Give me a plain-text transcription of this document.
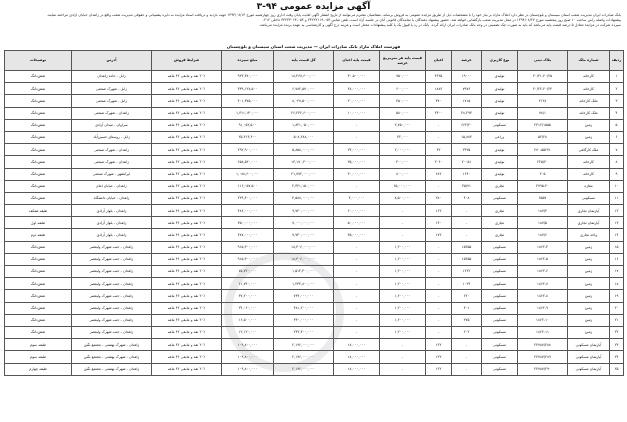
آگهی مزایده عمومی ۹۴-۳

بانک صادرات ایران مدیریت شعب استان سیستان و بلوچستان در نظر دارد املاک مازاد بر نیاز خود را با مشخصات ذیل از طریق مزایده عمومی به فروش برساند. متقاضیان محترم می‌توانند از تاریخ انتشار آگهی لغایت پایان وقت اداری روز چهارشنبه مورخ ۱۳۹۴/۰۸/۱۳ جهت بازدید و دریافت اسناد مزایده به دایره پشتیبانی و حقوقی مدیریت شعب واقع در زاهدان خیابان آزادی مراجعه نمایند.

پیشنهادات واصله راس ساعت ۱۰ صبح روز پنجشنبه مورخ ۱۳۹۴/۰۸/۲۷ در محل مدیریت شعب بازگشایی خواهد شد. حضور پیشنهاد دهندگان یا نمایندگان قانونی آنان در جلسه آزاد است. تلفن تماس ۰۵۴-۳۳۲۲۲۱۱۹ و ۰۵۴-۳۳۲۳۳۰۶۳ داخلی ۲۱۲.

سپرده شرکت در مزایده معادل ۵ درصد قیمت پایه می‌باشد که باید به صورت چک تضمینی در وجه بانک صادرات ایران ارائه گردد. بانک در رد یا قبول یک یا کلیه پیشنهادات مختار است و هزینه درج آگهی و کارشناسی به عهده برنده مزایده می‌باشد.

فهرست املاک مازاد بانک صادرات ایران — مدیریت شعب استان سیستان و بلوچستان
ردیف	شماره ملک	پلاک ثبتی	نوع کاربری	عرصه	اعیان	قیمت پایه هر مترمربع عرصه	قیمت پایه اعیان	کل قیمت پایه	مبلغ سپرده	شرایط فروش	آدرس	توضیحات
۱	کارخانه	۲۰/۲۱-۲۰/۲۵	تولیدی	۱۹۰۰۰	۴۶۲۵	۷۵۰,۰۰۰	۳۰,۵۰۰,۰۰۰	۱۸,۴۶۷,۶۰۰,۰۰۰	۹۲۳,۳۸۰,۰۰۰	۲۰٪ نقد و مابقی ۳۶ ماهه	زابل - جاده زاهدان	شش‌دانگ
۲	کارخانه	۲۰/۲۲-۲۰/۲۴	تولیدی	۷۹۷۶	۱۸۸۲	۶۰۰,۰۰۰	۲۸,۰۰۰,۰۰۰	۶,۷۸۲,۵۷۰,۰۰۰	۳۳۹,۱۲۸,۵۰۰	۲۰٪ نقد و مابقی ۳۶ ماهه	زابل - شهرک صنعتی	شش‌دانگ
۳	ملک کارخانه	۲۱۲۸	تولیدی	۱۷۱۵	۳۷۰	۲۵۰,۰۰۰	۲۰,۰۰۰,۰۰۰	۸,۰۲۷,۵۰۰,۰۰۰	۴۰۱,۳۷۵,۰۰۰	۲۰٪ نقد و مابقی ۳۶ ماهه	زابل - شهرک صنعتی	شش‌دانگ
۴	ملک کارخانه	۷۸/۱	تولیدی	۲۸,۲۹۳	۲۳۰۰	۵۸۰,۰۰۰	۱۰,۰۰۰,۰۰۰	۲۶,۲۲۲,۶۰۰,۰۰۰	۱,۳۱۱,۱۳۰,۰۰۰	۲۰٪ نقد و مابقی ۳۶ ماهه	زاهدان - شهرک صنعتی	شش‌دانگ
۵	زمین	۲۴۱۲/۱۵۵۵	مسکونی	۶۶۲/۲۰	-	۲,۷۵۰,۰۰۰	-	۱,۸۲۱,۰۵۰,۰۰۰	۹۱,۰۵۲,۵۰۰	۲۰٪ نقد و مابقی ۳۶ ماهه	سراوان - میدان آزادی	شش‌دانگ
۶	زمین	۵۲/۲۸	زراعی	۱۵,۸۸۴	-	۳۲,۰۰۰	-	۵۰۸,۲۸۸,۰۰۰	۲۵,۴۱۴,۴۰۰	۲۰٪ نقد و مابقی ۳۶ ماهه	زابل - روستای حسین‌آباد	شش‌دانگ
۷	ملک کارگاهی	۲۷۰-۵۵۲۷۱	تولیدی	۲۴۲۵	۴۲	۲,۰۰۰,۰۰۰	۲۴,۰۰۰,۰۰۰	۵,۸۵۸,۰۰۰,۰۰۰	۲۹۲,۹۰۰,۰۰۰	۲۰٪ نقد و مابقی ۳۶ ماهه	زاهدان - شهرک صنعتی	شش‌دانگ
۸	کارخانه	۲۲۵/۲۰	تولیدی	۲۰۰۵۱	۲۰۶۰	۴۰۰,۰۰۰	۲۵,۰۰۰,۰۰۰	۱۳,۱۷۰,۴۰۰,۰۰۰	۶۵۸,۵۲۰,۰۰۰	۲۰٪ نقد و مابقی ۳۶ ماهه	زاهدان - شهرک صنعتی	شش‌دانگ
۹	کارخانه	۲۰۵	تولیدی	۱۶۴۰	۶۸۲	۸۰۰,۰۰۰	۳۰,۰۰۰,۰۰۰	۲۱,۷۷۲,۰۰۰,۰۰۰	۱,۰۸۸,۶۰۰,۰۰۰	۲۰٪ نقد و مابقی ۳۶ ماهه	ایرانشهر - شهرک صنعتی	شش‌دانگ
۱۰	مغازه	۲۷۹۵-۲۰	تجاری	۳۵/۷۱	-	۶۵,۰۰۰,۰۰۰	-	۲,۳۲۱,۱۵۰,۰۰۰	۱۱۶,۰۵۷,۵۰۰	۲۰٪ نقد و مابقی ۳۶ ماهه	زاهدان - خیابان امام	شش‌دانگ
۱۱	مسکونی	۶۵۵۷	مسکونی	۴۰۸	۲۸۰	۸,۵۰۰,۰۰۰	۴,۰۰۰,۰۰۰	۴,۵۸۸,۰۰۰,۰۰۰	۲۲۹,۴۰۰,۰۰۰	۲۰٪ نقد و مابقی ۳۶ ماهه	زاهدان - خیابان دانشگاه	شش‌دانگ
۱۲	آپارتمان تجاری	۱۸۷/۴	تجاری	-	۱۶۲	-	۶۰,۰۰۰,۰۰۰	۹,۷۲۰,۰۰۰,۰۰۰	۴۸۶,۰۰۰,۰۰۰	۲۰٪ نقد و مابقی ۳۶ ماهه	زاهدان - بلوار آزادی	طبقه همکف
۱۳	آپارتمان تجاری	۱۸۷/۵	تجاری	-	۱۴۰	-	۵۰,۰۰۰,۰۰۰	۷,۰۰۰,۰۰۰,۰۰۰	۳۵۰,۰۰۰,۰۰۰	۲۰٪ نقد و مابقی ۳۶ ماهه	زاهدان - بلوار آزادی	طبقه اول
۱۴	واحد تجاری	۱۸۷/۶	تجاری	-	۱۷۲	-	۴۵,۰۰۰,۰۰۰	۷,۷۴۰,۰۰۰,۰۰۰	۳۸۷,۰۰۰,۰۰۰	۲۰٪ نقد و مابقی ۳۶ ماهه	زاهدان - بلوار آزادی	طبقه دوم
۱۵	زمین	۱۸۶۲-۴	مسکونی	۱۵۲۵۵	-	۱,۲۰۰,۰۰۰	-	۱۸,۳۰۶,۰۰۰,۰۰۰	۹۱۵,۳۰۰,۰۰۰	۲۰٪ نقد و مابقی ۳۶ ماهه	زاهدان - جنب شهرک ولیعصر	شش‌دانگ
۱۶	زمین	۱۸۶۲-۵	مسکونی	۱۵۲۵۵	-	۱,۲۰۰,۰۰۰	-	۱۸,۳۰۶,۰۰۰,۰۰۰	۹۱۵,۳۰۰,۰۰۰	۲۰٪ نقد و مابقی ۳۶ ماهه	زاهدان - جنب شهرک ولیعصر	شش‌دانگ
۱۷	زمین	۱۸۶۲-۶	مسکونی	۱۲۶۲	-	۱,۲۰۰,۰۰۰	-	۱,۵۱۴,۴۰۰,۰۰۰	۷۵,۷۲۰,۰۰۰	۲۰٪ نقد و مابقی ۳۶ ماهه	زاهدان - جنب شهرک ولیعصر	شش‌دانگ
۱۸	زمین	۱۸۶۲-۷	مسکونی	۱۰۲۹	-	۱,۲۰۰,۰۰۰	-	۱,۲۳۴,۸۰۰,۰۰۰	۶۱,۷۴۰,۰۰۰	۲۰٪ نقد و مابقی ۳۶ ماهه	زاهدان - جنب شهرک ولیعصر	شش‌دانگ
۱۹	زمین	۱۸۶۲-۸	مسکونی	۶۲۰	-	۱,۲۰۰,۰۰۰	-	۷۴۴,۰۰۰,۰۰۰	۳۷,۲۰۰,۰۰۰	۲۰٪ نقد و مابقی ۳۶ ماهه	زاهدان - جنب شهرک ولیعصر	شش‌دانگ
۲۰	زمین	۱۸۶۲-۹	مسکونی	۴۰۱	-	۱,۲۰۰,۰۰۰	-	۴۸۱,۲۰۰,۰۰۰	۲۴,۰۶۰,۰۰۰	۲۰٪ نقد و مابقی ۳۶ ماهه	زاهدان - جنب شهرک ولیعصر	شش‌دانگ
۲۱	زمین	۱۸۶۲-۱۰	مسکونی	۲۷۵	-	۱,۲۰۰,۰۰۰	-	۳۳۰,۰۰۰,۰۰۰	۱۶,۵۰۰,۰۰۰	۲۰٪ نقد و مابقی ۳۶ ماهه	زاهدان - جنب شهرک ولیعصر	شش‌دانگ
۲۲	زمین	۱۸۶۲-۱۱	مسکونی	۲۰۲	-	۱,۲۰۰,۰۰۰	-	۲۴۲,۴۰۰,۰۰۰	۱۲,۱۲۰,۰۰۰	۲۰٪ نقد و مابقی ۳۶ ماهه	زاهدان - جنب شهرک ولیعصر	شش‌دانگ
۲۳	آپارتمان مسکونی	۲۴۷۸۷/۲۸۸	مسکونی	-	۱۲۲	-	۱۸,۰۰۰,۰۰۰	۲,۱۹۶,۰۰۰,۰۰۰	۱۰۹,۸۰۰,۰۰۰	۲۰٪ نقد و مابقی ۳۶ ماهه	زاهدان - شهرک بهشتی - مجتمع نگین	طبقه سوم
۲۴	آپارتمان مسکونی	۲۴۷۸۷/۲۸۹	مسکونی	-	۱۲۲	-	۱۸,۰۰۰,۰۰۰	۲,۱۹۶,۰۰۰,۰۰۰	۱۰۹,۸۰۰,۰۰۰	۲۰٪ نقد و مابقی ۳۶ ماهه	زاهدان - شهرک بهشتی - مجتمع نگین	طبقه سوم
۲۵	آپارتمان مسکونی	۲۴۷۸۷/۲۹۰	مسکونی	-	۱۲۲	-	۱۸,۰۰۰,۰۰۰	۲,۱۹۶,۰۰۰,۰۰۰	۱۰۹,۸۰۰,۰۰۰	۲۰٪ نقد و مابقی ۳۶ ماهه	زاهدان - شهرک بهشتی - مجتمع نگین	طبقه چهارم
